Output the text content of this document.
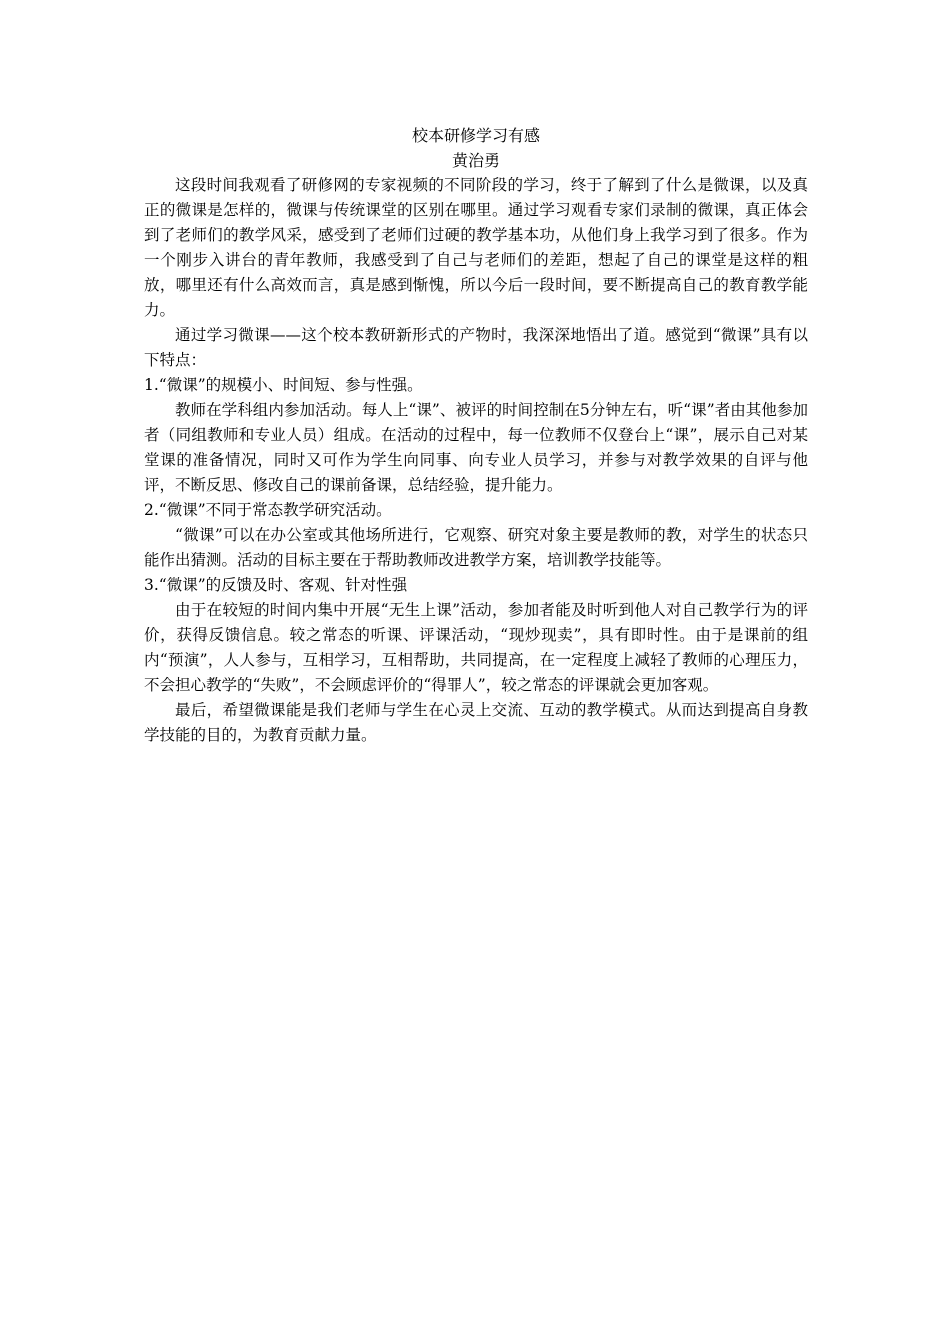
校本研修学习有感

黄治勇

这段时间我观看了研修网的专家视频的不同阶段的学习，终于了解到了什么是微课，以及真正的微课是怎样的，微课与传统课堂的区别在哪里。通过学习观看专家们录制的微课，真正体会到了老师们的教学风采，感受到了老师们过硬的教学基本功，从他们身上我学习到了很多。作为一个刚步入讲台的青年教师，我感受到了自己与老师们的差距，想起了自己的课堂是这样的粗放，哪里还有什么高效而言，真是感到惭愧，所以今后一段时间，要不断提高自己的教育教学能力。

通过学习微课——这个校本教研新形式的产物时，我深深地悟出了道。感觉到“微课”具有以下特点：

1.“微课”的规模小、时间短、参与性强。

教师在学科组内参加活动。每人上“课”、被评的时间控制在5分钟左右，听“课”者由其他参加者（同组教师和专业人员）组成。在活动的过程中，每一位教师不仅登台上“课”，展示自己对某堂课的准备情况，同时又可作为学生向同事、向专业人员学习，并参与对教学效果的自评与他评，不断反思、修改自己的课前备课，总结经验，提升能力。

2.“微课”不同于常态教学研究活动。

“微课”可以在办公室或其他场所进行，它观察、研究对象主要是教师的教，对学生的状态只能作出猜测。活动的目标主要在于帮助教师改进教学方案，培训教学技能等。

3.“微课”的反馈及时、客观、针对性强

由于在较短的时间内集中开展“无生上课”活动，参加者能及时听到他人对自己教学行为的评价，获得反馈信息。较之常态的听课、评课活动，“现炒现卖”，具有即时性。由于是课前的组内“预演”，人人参与，互相学习，互相帮助，共同提高，在一定程度上减轻了教师的心理压力，不会担心教学的“失败”，不会顾虑评价的“得罪人”，较之常态的评课就会更加客观。

最后，希望微课能是我们老师与学生在心灵上交流、互动的教学模式。从而达到提高自身教学技能的目的，为教育贡献力量。
